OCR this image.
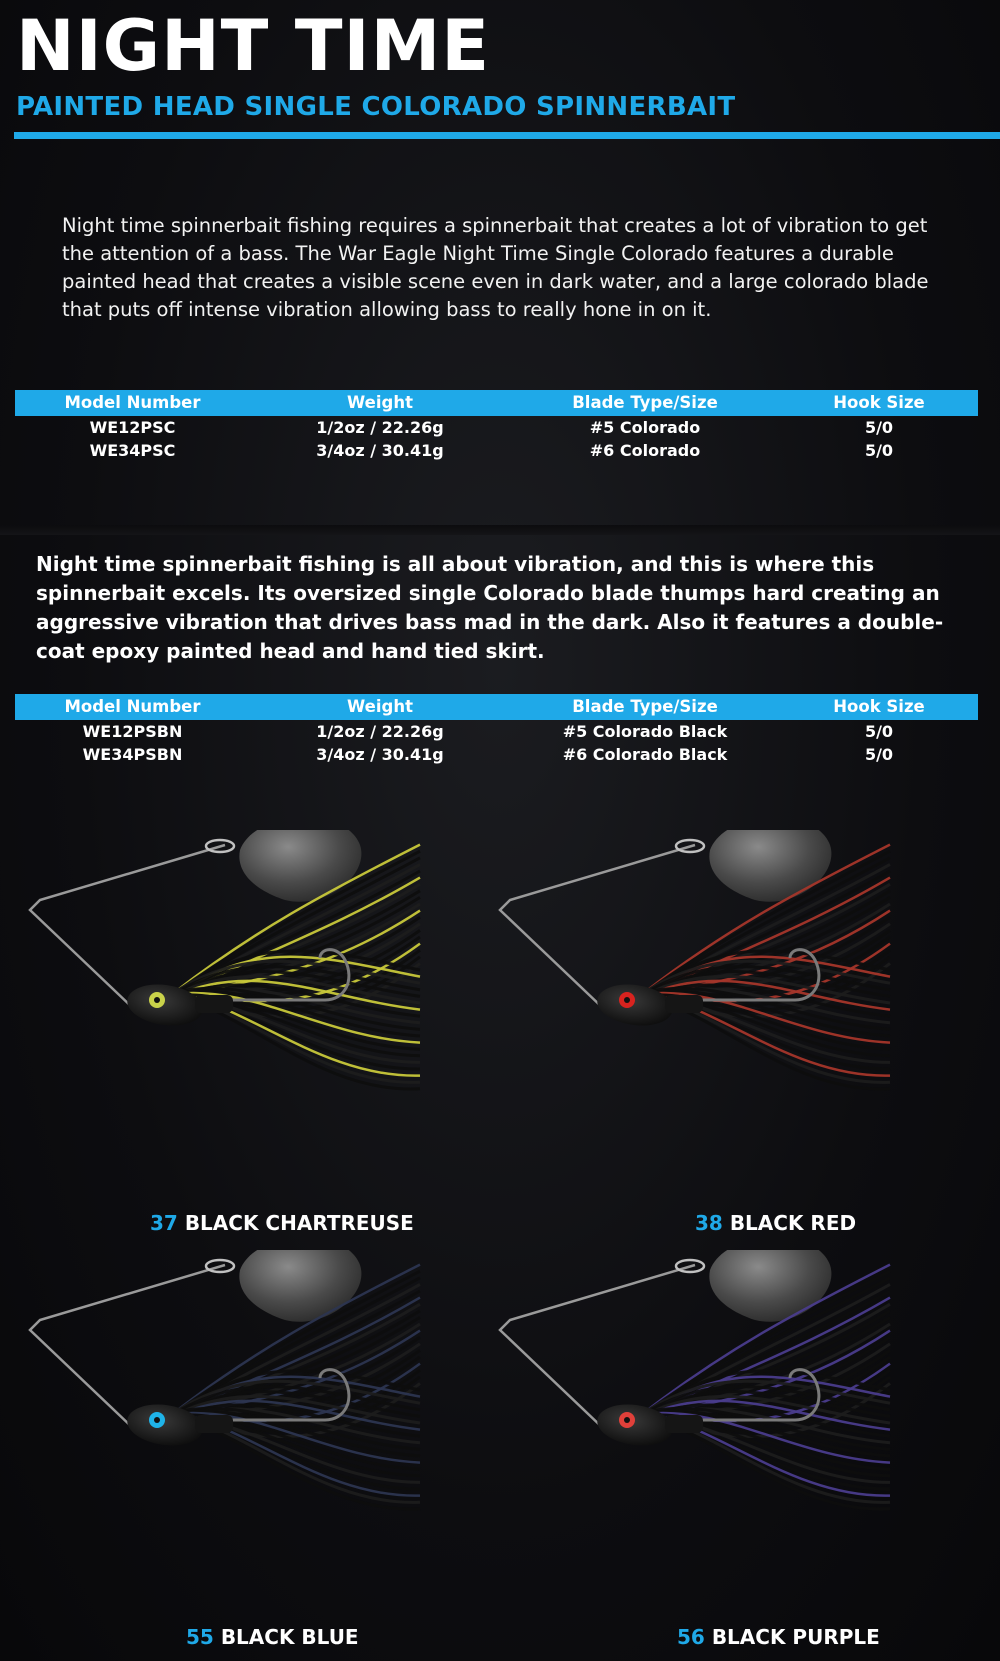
NIGHT TIME
PAINTED HEAD SINGLE COLORADO SPINNERBAIT
Night time spinnerbait fishing requires a spinnerbait that creates a lot of vibration to get the attention of a bass. The War Eagle Night Time Single Colorado features a durable painted head that creates a visible scene even in dark water, and a large colorado blade that puts off intense vibration allowing bass to really hone in on it.
Model Number	Weight	Blade Type/Size	Hook Size
WE12PSC	1/2oz / 22.26g	#5 Colorado	5/0
WE34PSC	3/4oz / 30.41g	#6 Colorado	5/0
Night time spinnerbait fishing is all about vibration, and this is where this spinnerbait excels. Its oversized single Colorado blade thumps hard creating an aggressive vibration that drives bass mad in the dark. Also it features a double-coat epoxy painted head and hand tied skirt.
Model Number	Weight	Blade Type/Size	Hook Size
WE12PSBN	1/2oz / 22.26g	#5 Colorado Black	5/0
WE34PSBN	3/4oz / 30.41g	#6 Colorado Black	5/0
37 BLACK CHARTREUSE	38 BLACK RED
55 BLACK BLUE	56 BLACK PURPLE
